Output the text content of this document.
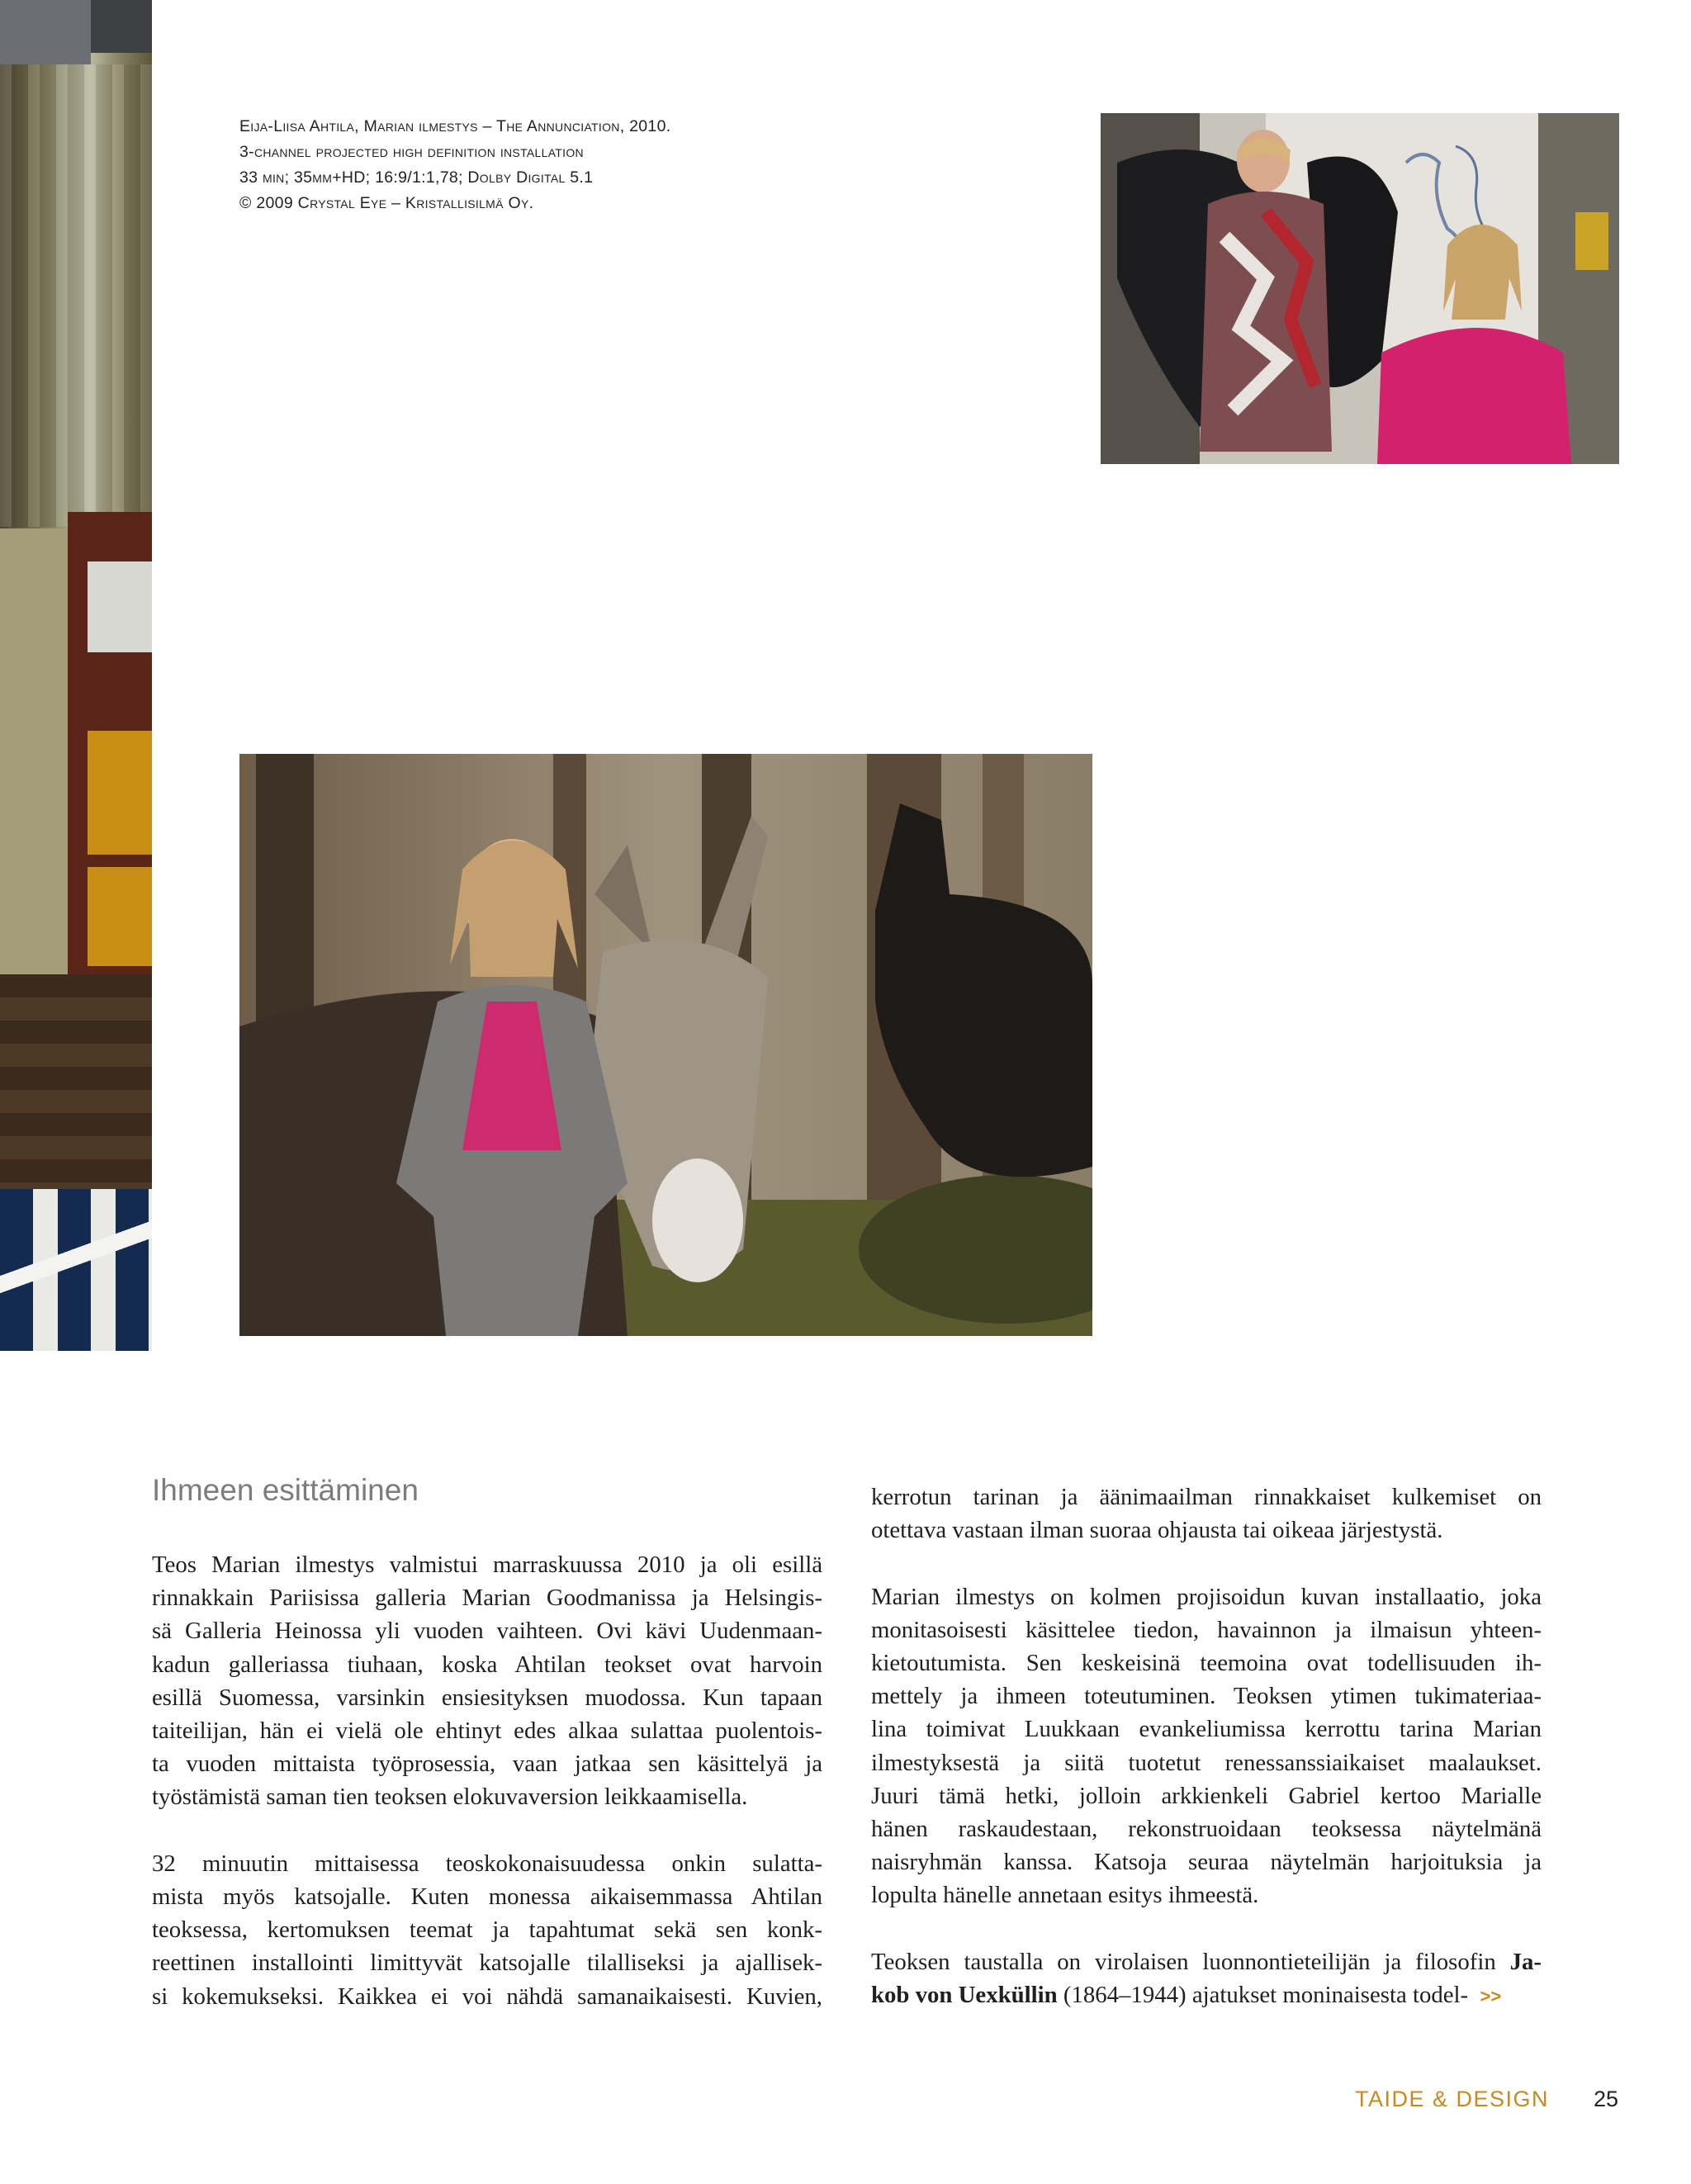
Eija-Liisa Ahtila, Marian ilmestys – The Annunciation, 2010.
3-channel projected high definition installation
33 min; 35mm+HD; 16:9/1:1,78; Dolby Digital 5.1
© 2009 Crystal Eye – Kristallisilmä Oy.
Ihmeen esittäminen

Teos Marian ilmestys valmistui marraskuussa 2010 ja oli esillä
rinnakkain Pariisissa galleria Marian Goodmanissa ja Helsingis-
sä Galleria Heinossa yli vuoden vaihteen. Ovi kävi Uudenmaan-
kadun galleriassa tiuhaan, koska Ahtilan teokset ovat harvoin
esillä Suomessa, varsinkin ensiesityksen muodossa. Kun tapaan
taiteilijan, hän ei vielä ole ehtinyt edes alkaa sulattaa puolentois-
ta vuoden mittaista työprosessia, vaan jatkaa sen käsittelyä ja
työstämistä saman tien teoksen elokuvaversion leikkaamisella.

32 minuutin mittaisessa teoskokonaisuudessa onkin sulatta-
mista myös katsojalle. Kuten monessa aikaisemmassa Ahtilan
teoksessa, kertomuksen teemat ja tapahtumat sekä sen konk-
reettinen installointi limittyvät katsojalle tilalliseksi ja ajallisek-
si kokemukseksi. Kaikkea ei voi nähdä samanaikaisesti. Kuvien,

kerrotun tarinan ja äänimaailman rinnakkaiset kulkemiset on
otettava vastaan ilman suoraa ohjausta tai oikeaa järjestystä.

Marian ilmestys on kolmen projisoidun kuvan installaatio, joka
monitasoisesti käsittelee tiedon, havainnon ja ilmaisun yhteen-
kietoutumista. Sen keskeisinä teemoina ovat todellisuuden ih-
mettely ja ihmeen toteutuminen. Teoksen ytimen tukimateriaa-
lina toimivat Luukkaan evankeliumissa kerrottu tarina Marian
ilmestyksestä ja siitä tuotetut renessanssiaikaiset maalaukset.
Juuri tämä hetki, jolloin arkkienkeli Gabriel kertoo Marialle
hänen raskaudestaan, rekonstruoidaan teoksessa näytelmänä
naisryhmän kanssa. Katsoja seuraa näytelmän harjoituksia ja
lopulta hänelle annetaan esitys ihmeestä.

Teoksen taustalla on virolaisen luonnontieteilijän ja filosofin Ja-
kob von Uexküllin (1864–1944) ajatukset moninaisesta todel- >>

TAIDE & DESIGN 25
